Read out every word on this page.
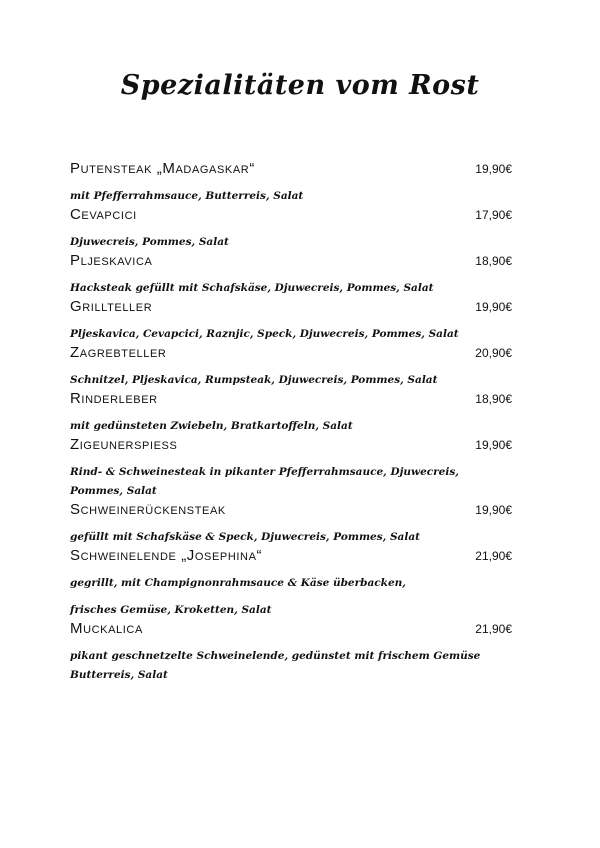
Spezialitäten vom Rost
Putensteak „Madagaskar“	19,90€
mit Pfefferrahmsauce, Butterreis, Salat
Cevapcici	17,90€
Djuwecreis, Pommes, Salat
Pljeskavica	18,90€
Hacksteak gefüllt mit Schafskäse, Djuwecreis, Pommes, Salat
Grillteller	19,90€
Pljeskavica, Cevapcici, Raznjic, Speck, Djuwecreis, Pommes, Salat
Zagrebteller	20,90€
Schnitzel, Pljeskavica, Rumpsteak, Djuwecreis, Pommes, Salat
Rinderleber	18,90€
mit gedünsteten Zwiebeln, Bratkartoffeln, Salat
Zigeunerspiess	19,90€
Rind- & Schweinesteak in pikanter Pfefferrahmsauce, Djuwecreis,
Pommes, Salat
Schweinerückensteak	19,90€
gefüllt mit Schafskäse & Speck, Djuwecreis, Pommes, Salat
Schweinelende „Josephina“	21,90€
gegrillt, mit Champignonrahmsauce & Käse überbacken,
frisches Gemüse, Kroketten, Salat
Muckalica	21,90€
pikant geschnetzelte Schweinelende, gedünstet mit frischem Gemüse
Butterreis, Salat
